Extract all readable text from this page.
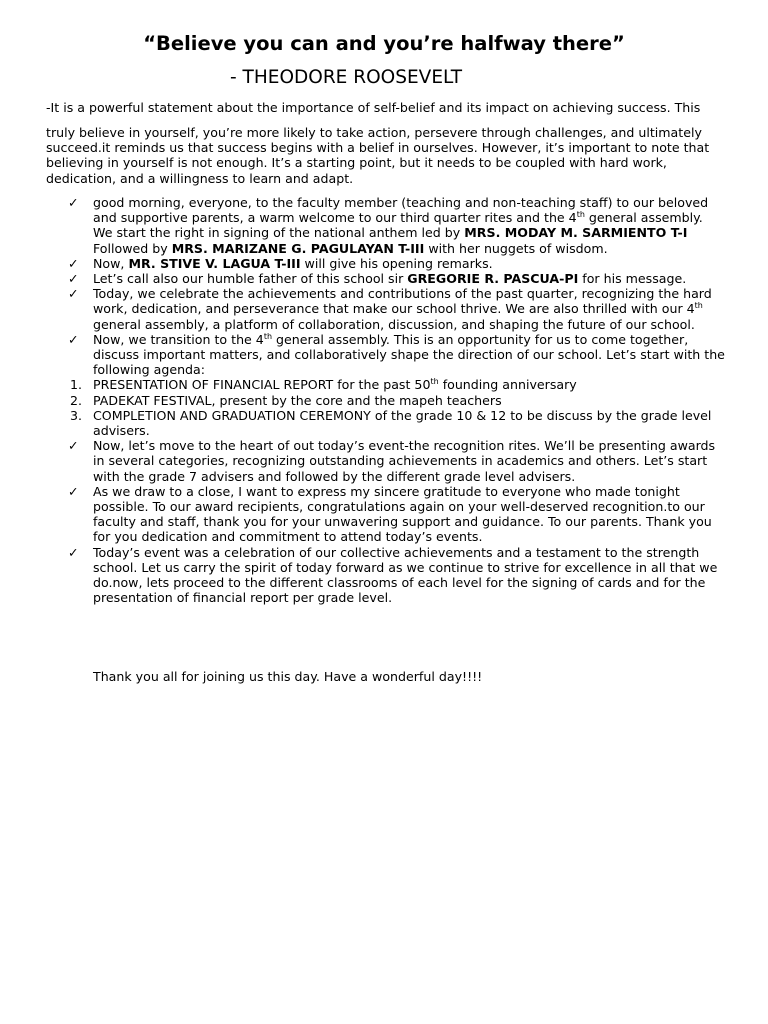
“Believe you can and you’re halfway there”
- THEODORE ROOSEVELT
-It is a powerful statement about the importance of self-belief and its impact on achieving success. This
truly believe in yourself, you’re more likely to take action, persevere through challenges, and ultimately succeed.it reminds us that success begins with a belief in ourselves. However, it’s important to note that believing in yourself is not enough. It’s a starting point, but it needs to be coupled with hard work, dedication, and a willingness to learn and adapt.
✓	good morning, everyone, to the faculty member (teaching and non-teaching staff) to our beloved and supportive parents, a warm welcome to our third quarter rites and the 4th general assembly. We start the right in signing of the national anthem led by MRS. MODAY M. SARMIENTO T-I Followed by MRS. MARIZANE G. PAGULAYAN T-III with her nuggets of wisdom.
✓	Now, MR. STIVE V. LAGUA T-III will give his opening remarks.
✓	Let’s call also our humble father of this school sir GREGORIE R. PASCUA-PI for his message.
✓	Today, we celebrate the achievements and contributions of the past quarter, recognizing the hard work, dedication, and perseverance that make our school thrive. We are also thrilled with our 4th general assembly, a platform of collaboration, discussion, and shaping the future of our school.
✓	Now, we transition to the 4th general assembly. This is an opportunity for us to come together, discuss important matters, and collaboratively shape the direction of our school. Let’s start with the following agenda:
1. PRESENTATION OF FINANCIAL REPORT for the past 50th founding anniversary
2. PADEKAT FESTIVAL, present by the core and the mapeh teachers
3. COMPLETION AND GRADUATION CEREMONY of the grade 10 & 12 to be discuss by the grade level advisers.
✓	Now, let’s move to the heart of out today’s event-the recognition rites. We’ll be presenting awards in several categories, recognizing outstanding achievements in academics and others. Let’s start with the grade 7 advisers and followed by the different grade level advisers.
✓	As we draw to a close, I want to express my sincere gratitude to everyone who made tonight possible. To our award recipients, congratulations again on your well-deserved recognition.to our faculty and staff, thank you for your unwavering support and guidance. To our parents. Thank you for you dedication and commitment to attend today’s events.
✓	Today’s event was a celebration of our collective achievements and a testament to the strength school. Let us carry the spirit of today forward as we continue to strive for excellence in all that we do.now, lets proceed to the different classrooms of each level for the signing of cards and for the presentation of financial report per grade level.
Thank you all for joining us this day. Have a wonderful day!!!!
